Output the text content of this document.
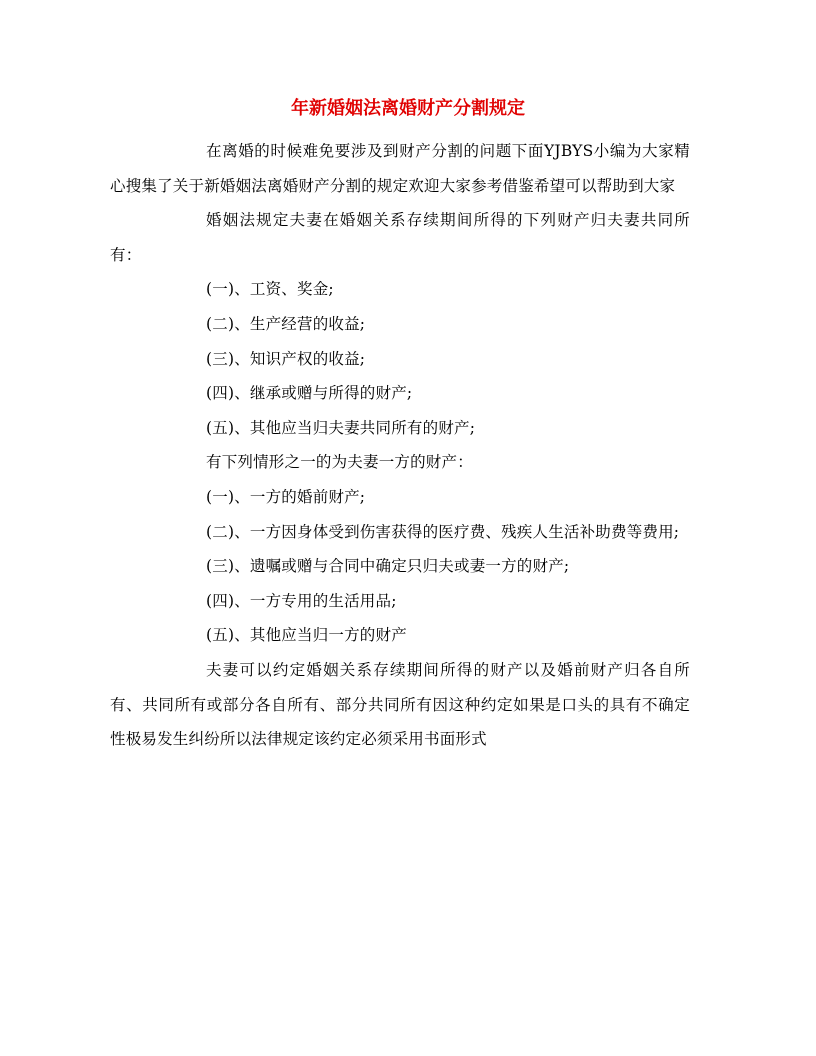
年新婚姻法离婚财产分割规定

在离婚的时候难免要涉及到财产分割的问题下面YJBYS小编为大家精心搜集了关于新婚姻法离婚财产分割的规定欢迎大家参考借鉴希望可以帮助到大家

婚姻法规定夫妻在婚姻关系存续期间所得的下列财产归夫妻共同所有：

(一)、工资、奖金;

(二)、生产经营的收益;

(三)、知识产权的收益;

(四)、继承或赠与所得的财产;

(五)、其他应当归夫妻共同所有的财产;

有下列情形之一的为夫妻一方的财产：

(一)、一方的婚前财产;

(二)、一方因身体受到伤害获得的医疗费、残疾人生活补助费等费用;

(三)、遗嘱或赠与合同中确定只归夫或妻一方的财产;

(四)、一方专用的生活用品;

(五)、其他应当归一方的财产

夫妻可以约定婚姻关系存续期间所得的财产以及婚前财产归各自所有、共同所有或部分各自所有、部分共同所有因这种约定如果是口头的具有不确定性极易发生纠纷所以法律规定该约定必须采用书面形式
